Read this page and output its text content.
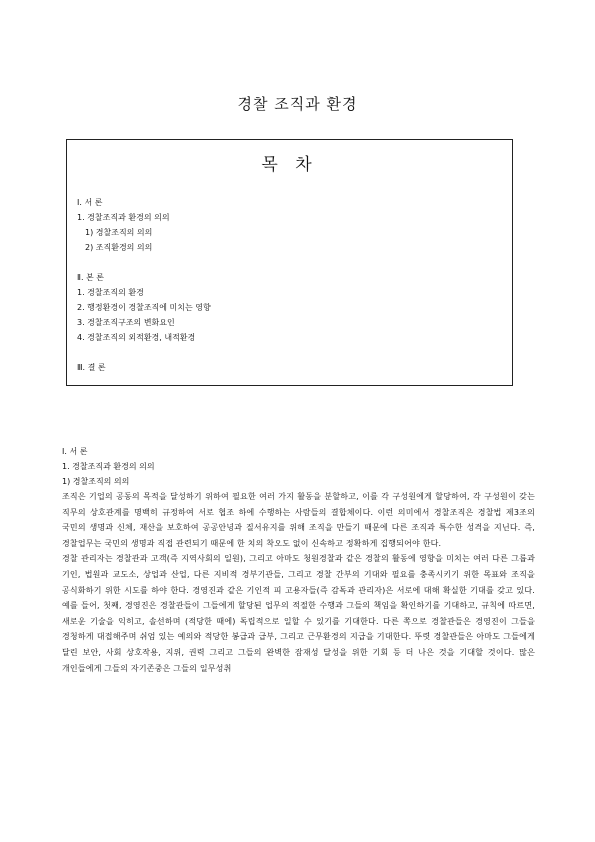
경찰 조직과 환경
목 차
Ⅰ. 서 론
1. 경찰조직과 환경의 의의
1) 경찰조직의 의의
2) 조직환경의 의의
Ⅱ. 본 론
1. 경찰조직의 환경
2. 행정환경이 경찰조직에 미치는 영향
3. 경찰조직구조의 변화요인
4. 경찰조직의 외적환경, 내적환경
Ⅲ. 결 론
Ⅰ. 서 론
1. 경찰조직과 환경의 의의
1) 경찰조직의 의의

조직은 기업의 공동의 목적을 달성하기 위하여 필요한 여러 가지 활동을 분할하고, 이를 각 구성원에게 할당하여, 각 구성원이 갖는 직무의 상호관계를 명백히 규정하여 서로 협조 하에 수행하는 사람들의 결합체이다. 이런 의미에서 경찰조직은 경찰법 제3조의 국민의 생명과 신체, 재산을 보호하여 공공안녕과 질서유지를 위해 조직을 만들기 때문에 다른 조직과 특수한 성격을 지닌다. 즉, 경찰업무는 국민의 생명과 직접 관련되기 때문에 한 치의 착오도 없이 신속하고 정확하게 집행되어야 한다.

경찰 관리자는 경찰관과 고객(즉 지역사회의 일원), 그리고 아마도 청원경찰과 같은 경찰의 활동에 영향을 미치는 여러 다른 그룹과 기인, 법원과 교도소, 상업과 산업, 다른 지비적 경부기관들, 그리고 경찰 간부의 기대와 필요를 충족시키기 위한 목표와 조직을 공식화하기 위한 시도를 하야 한다. 경영진과 같은 기인적 피 고용자들(즉 감독과 관리자)은 서로에 대해 확실한 기대를 갖고 있다. 예를 들어, 첫째, 경영진은 경찰관들이 그들에게 할당된 업무의 적절한 수행과 그들의 책임을 확인하기를 기대하고, 규칙에 따르면, 새로운 기술을 익히고, 솔선하며 (적당한 때에) 독립적으로 일할 수 있기를 기대한다. 다른 쪽으로 경찰관들은 경영진이 그들을 경청하게 대접해주며 쉬엄 있는 예의와 적당한 봉급과 급부, 그리고 근무환경의 지급을 기대한다. 뚜렷 경찰관들은 아마도 그들에게 달린 보안, 사회 상호작용, 지위, 권력 그리고 그들의 완벽한 잠재성 달성을 위한 기회 등 더 나은 것을 기대할 것이다. 많은 개인들에게 그들의 자기존중은 그들의 일무성취
